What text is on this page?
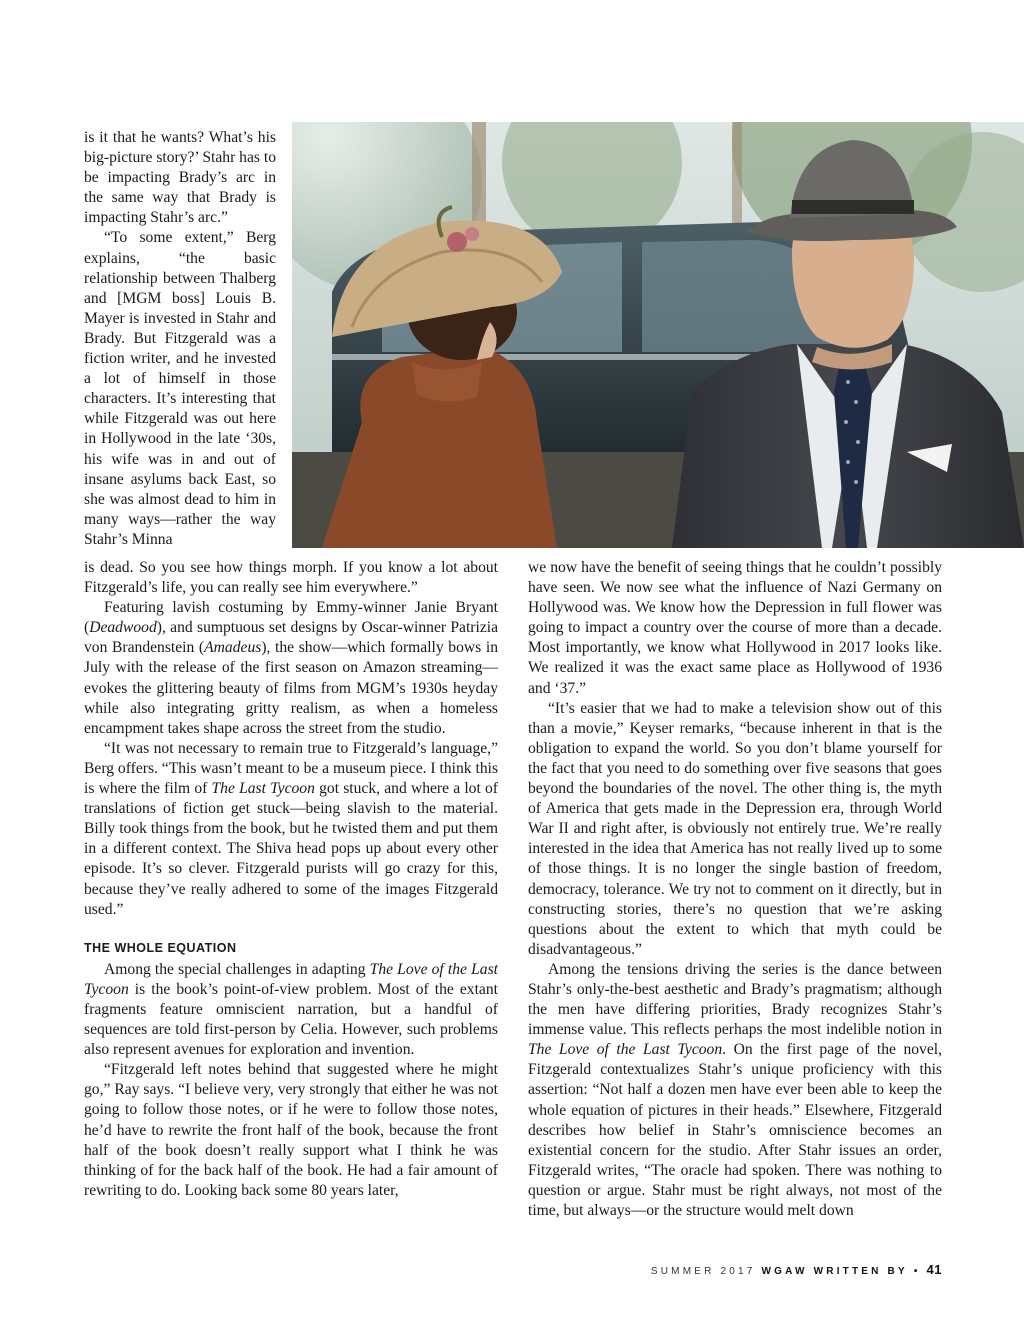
is it that he wants? What’s his big-picture story?’ Stahr has to be impacting Brady’s arc in the same way that Brady is impacting Stahr’s arc.”

“To some extent,” Berg explains, “the basic relationship between Thalberg and [MGM boss] Louis B. Mayer is invested in Stahr and Brady. But Fitzgerald was a fiction writer, and he invested a lot of himself in those characters. It’s interesting that while Fitzgerald was out here in Hollywood in the late ‘30s, his wife was in and out of insane asylums back East, so she was almost dead to him in many ways—rather the way Stahr’s Minna

is dead. So you see how things morph. If you know a lot about Fitzgerald’s life, you can really see him everywhere.”

Featuring lavish costuming by Emmy-winner Janie Bryant (Deadwood), and sumptuous set designs by Oscar-winner Patrizia von Brandenstein (Amadeus), the show—which formally bows in July with the release of the first season on Amazon streaming—evokes the glittering beauty of films from MGM’s 1930s heyday while also integrating gritty realism, as when a homeless encampment takes shape across the street from the studio.

“It was not necessary to remain true to Fitzgerald’s language,” Berg offers. “This wasn’t meant to be a museum piece. I think this is where the film of The Last Tycoon got stuck, and where a lot of translations of fiction get stuck—being slavish to the material. Billy took things from the book, but he twisted them and put them in a different context. The Shiva head pops up about every other episode. It’s so clever. Fitzgerald purists will go crazy for this, because they’ve really adhered to some of the images Fitzgerald used.”

THE WHOLE EQUATION

Among the special challenges in adapting The Love of the Last Tycoon is the book’s point-of-view problem. Most of the extant fragments feature omniscient narration, but a handful of sequences are told first-person by Celia. However, such problems also represent avenues for exploration and invention.

“Fitzgerald left notes behind that suggested where he might go,” Ray says. “I believe very, very strongly that either he was not going to follow those notes, or if he were to follow those notes, he’d have to rewrite the front half of the book, because the front half of the book doesn’t really support what I think he was thinking of for the back half of the book. He had a fair amount of rewriting to do. Looking back some 80 years later,

we now have the benefit of seeing things that he couldn’t possibly have seen. We now see what the influence of Nazi Germany on Hollywood was. We know how the Depression in full flower was going to impact a country over the course of more than a decade. Most importantly, we know what Hollywood in 2017 looks like. We realized it was the exact same place as Hollywood of 1936 and ‘37.”

“It’s easier that we had to make a television show out of this than a movie,” Keyser remarks, “because inherent in that is the obligation to expand the world. So you don’t blame yourself for the fact that you need to do something over five seasons that goes beyond the boundaries of the novel. The other thing is, the myth of America that gets made in the Depression era, through World War II and right after, is obviously not entirely true. We’re really interested in the idea that America has not really lived up to some of those things. It is no longer the single bastion of freedom, democracy, tolerance. We try not to comment on it directly, but in constructing stories, there’s no question that we’re asking questions about the extent to which that myth could be disadvantageous.”

Among the tensions driving the series is the dance between Stahr’s only-the-best aesthetic and Brady’s pragmatism; although the men have differing priorities, Brady recognizes Stahr’s immense value. This reflects perhaps the most indelible notion in The Love of the Last Tycoon. On the first page of the novel, Fitzgerald contextualizes Stahr’s unique proficiency with this assertion: “Not half a dozen men have ever been able to keep the whole equation of pictures in their heads.” Elsewhere, Fitzgerald describes how belief in Stahr’s omniscience becomes an existential concern for the studio. After Stahr issues an order, Fitzgerald writes, “The oracle had spoken. There was nothing to question or argue. Stahr must be right always, not most of the time, but always—or the structure would melt down

SUMMER 2017 WGAW WRITTEN BY • 41
